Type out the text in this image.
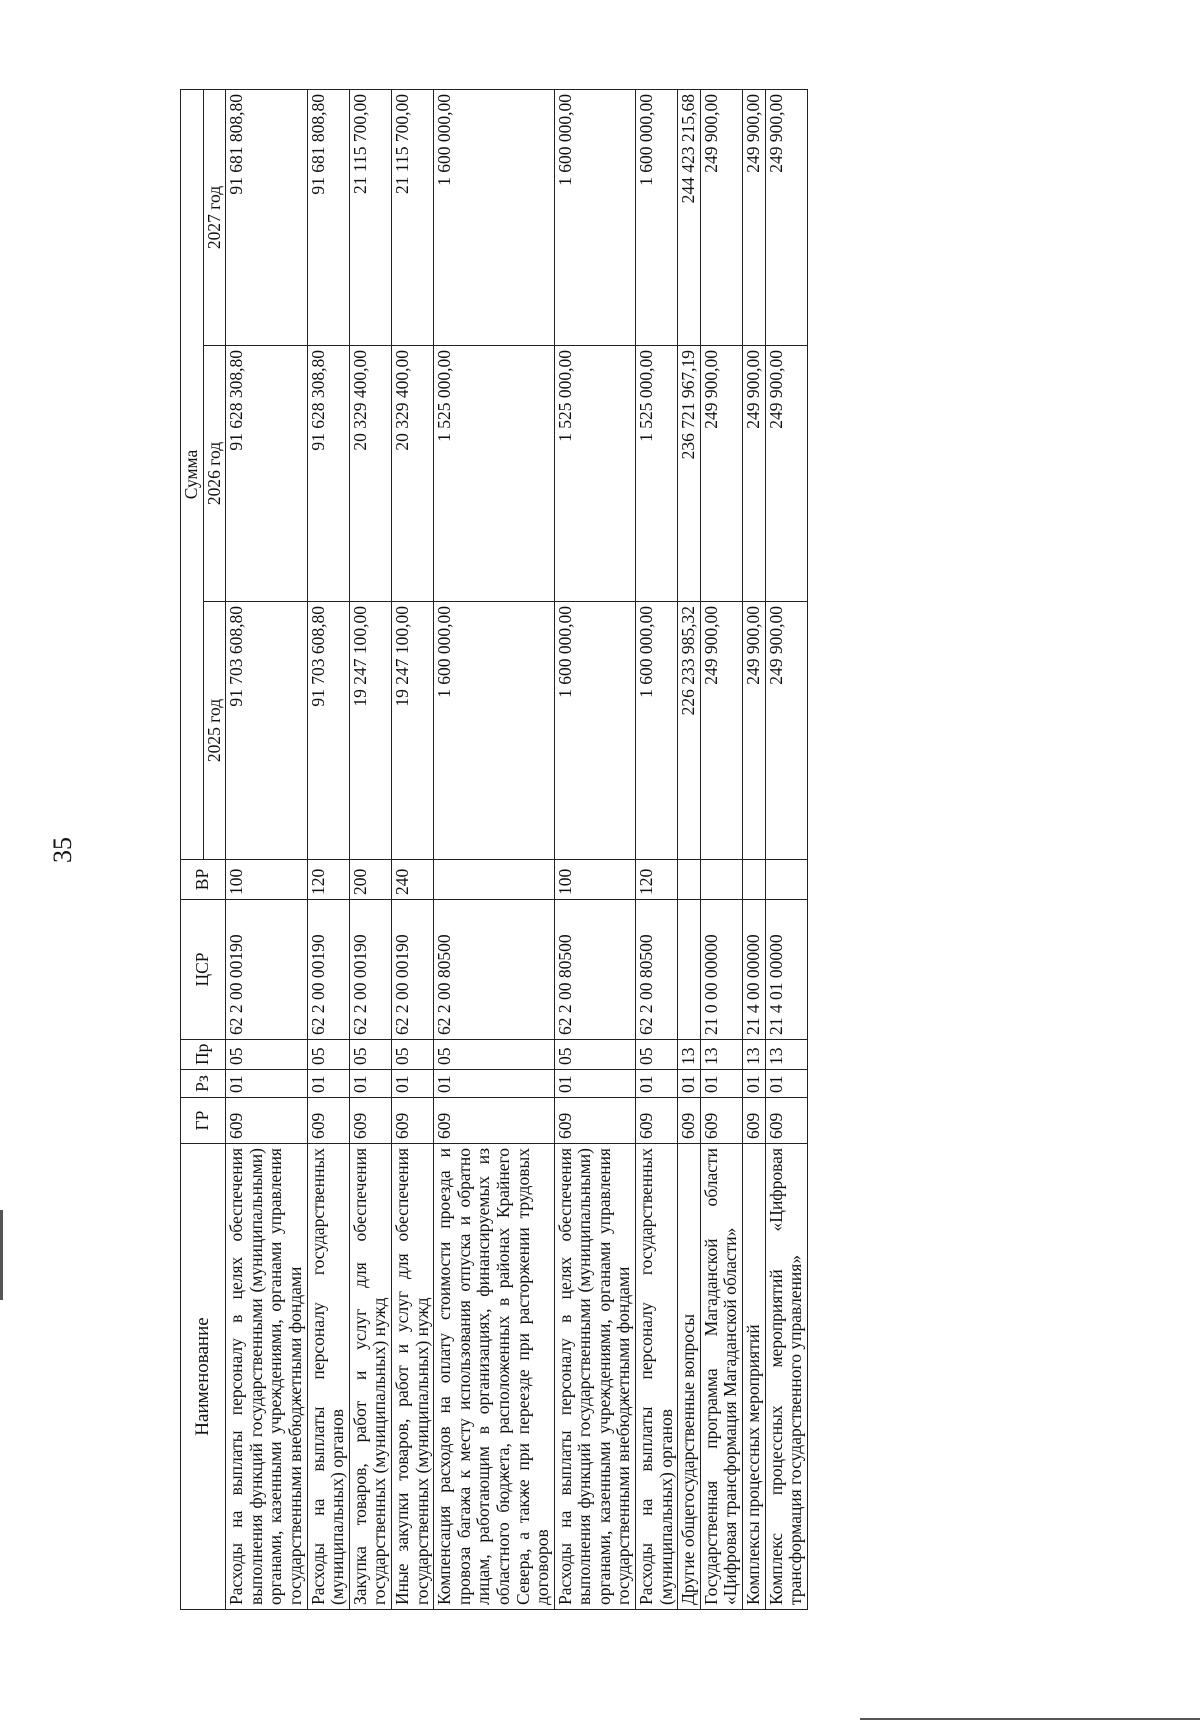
35
Наименование	ГР	Рз	Пр	ЦСР	ВР	Сумма		
						2025 год	2026 год	2027 год
Расходы на выплаты персоналу в целях обеспечения выполнения функций государственными (муниципальными) органами, казенными учреждениями, органами управления государственными внебюджетными фондами	609	01	05	62 2 00 00190	100	91 703 608,80	91 628 308,80	91 681 808,80
Расходы на выплаты персоналу государственных (муниципальных) органов	609	01	05	62 2 00 00190	120	91 703 608,80	91 628 308,80	91 681 808,80
Закупка товаров, работ и услуг для обеспечения государственных (муниципальных) нужд	609	01	05	62 2 00 00190	200	19 247 100,00	20 329 400,00	21 115 700,00
Иные закупки товаров, работ и услуг для обеспечения государственных (муниципальных) нужд	609	01	05	62 2 00 00190	240	19 247 100,00	20 329 400,00	21 115 700,00
Компенсация расходов на оплату стоимости проезда и провоза багажа к месту использования отпуска и обратно лицам, работающим в организациях, финансируемых из областного бюджета, расположенных в районах Крайнего Севера, а также при переезде при расторжении трудовых договоров	609	01	05	62 2 00 80500		1 600 000,00	1 525 000,00	1 600 000,00
Расходы на выплаты персоналу в целях обеспечения выполнения функций государственными (муниципальными) органами, казенными учреждениями, органами управления государственными внебюджетными фондами	609	01	05	62 2 00 80500	100	1 600 000,00	1 525 000,00	1 600 000,00
Расходы на выплаты персоналу государственных (муниципальных) органов	609	01	05	62 2 00 80500	120	1 600 000,00	1 525 000,00	1 600 000,00
Другие общегосударственные вопросы	609	01	13			226 233 985,32	236 721 967,19	244 423 215,68
Государственная программа Магаданской области «Цифровая трансформация Магаданской области»	609	01	13	21 0 00 00000		249 900,00	249 900,00	249 900,00
Комплексы процессных мероприятий	609	01	13	21 4 00 00000		249 900,00	249 900,00	249 900,00
Комплекс процессных мероприятий «Цифровая трансформация государственного управления»	609	01	13	21 4 01 00000		249 900,00	249 900,00	249 900,00
